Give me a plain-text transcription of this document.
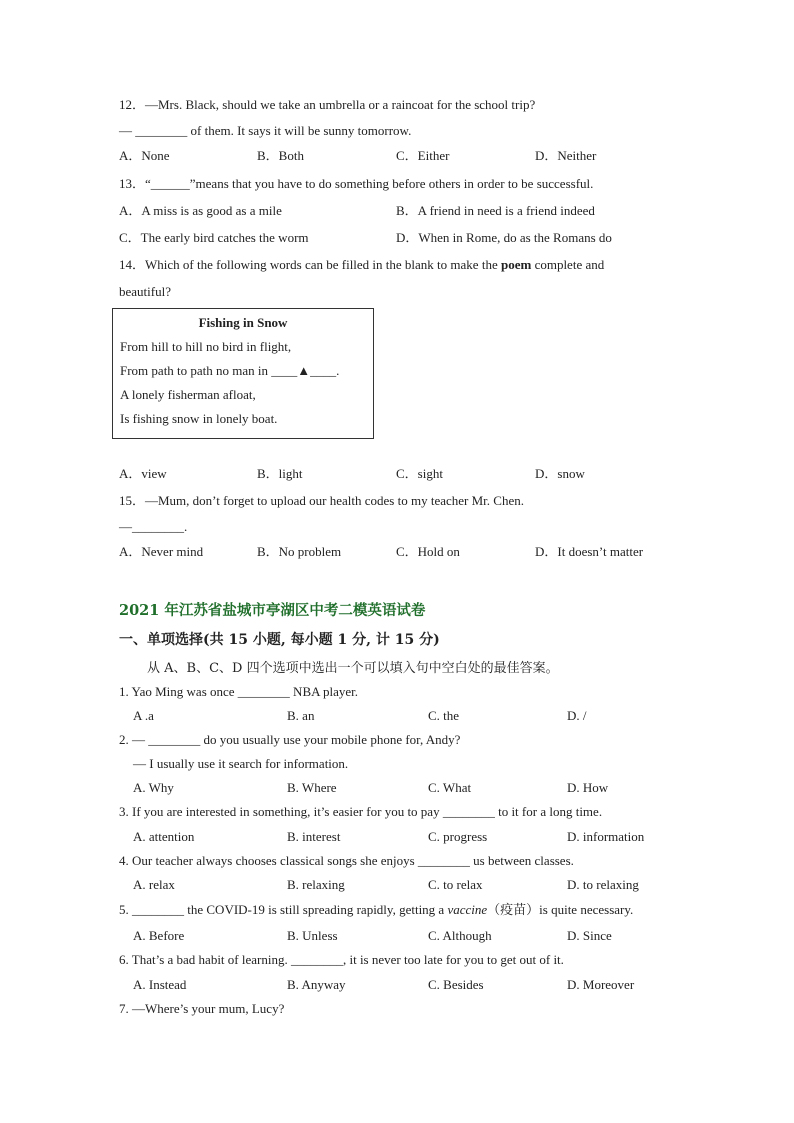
12．—Mrs. Black, should we take an umbrella or a raincoat for the school trip?
— ________ of them. It says it will be sunny tomorrow.
A．None	B．Both	C．Either	D．Neither
13．“______”means that you have to do something before others in order to be successful.
A．A miss is as good as a mile	B．A friend in need is a friend indeed
C．The early bird catches the worm	D．When in Rome, do as the Romans do
14．Which of the following words can be filled in the blank to make the poem complete and
beautiful?
Fishing in Snow
From hill to hill no bird in flight,
From path to path no man in ____▲____.
A lonely fisherman afloat,
Is fishing snow in lonely boat.
A．view	B．light	C．sight	D．snow
15．—Mum, don’t forget to upload our health codes to my teacher Mr. Chen.
—________.
A．Never mind	B．No problem	C．Hold on	D．It doesn’t matter
2021 年江苏省盐城市亭湖区中考二模英语试卷
一、单项选择(共 15 小题, 每小题 1 分, 计 15 分)
从 A、B、C、D 四个选项中选出一个可以填入句中空白处的最佳答案。
1. Yao Ming was once ________ NBA player.
A .a	B. an	C. the	D. /
2. — ________ do you usually use your mobile phone for, Andy?
— I usually use it search for information.
A. Why	B. Where	C. What	D. How
3. If you are interested in something, it’s easier for you to pay ________ to it for a long time.
A. attention	B. interest	C. progress	D. information
4. Our teacher always chooses classical songs she enjoys ________ us between classes.
A. relax	B. relaxing	C. to relax	D. to relaxing
5. ________ the COVID-19 is still spreading rapidly, getting a vaccine（疫苗）is quite necessary.
A. Before	B. Unless	C. Although	D. Since
6. That’s a bad habit of learning. ________, it is never too late for you to get out of it.
A. Instead	B. Anyway	C. Besides	D. Moreover
7. —Where’s your mum, Lucy?
